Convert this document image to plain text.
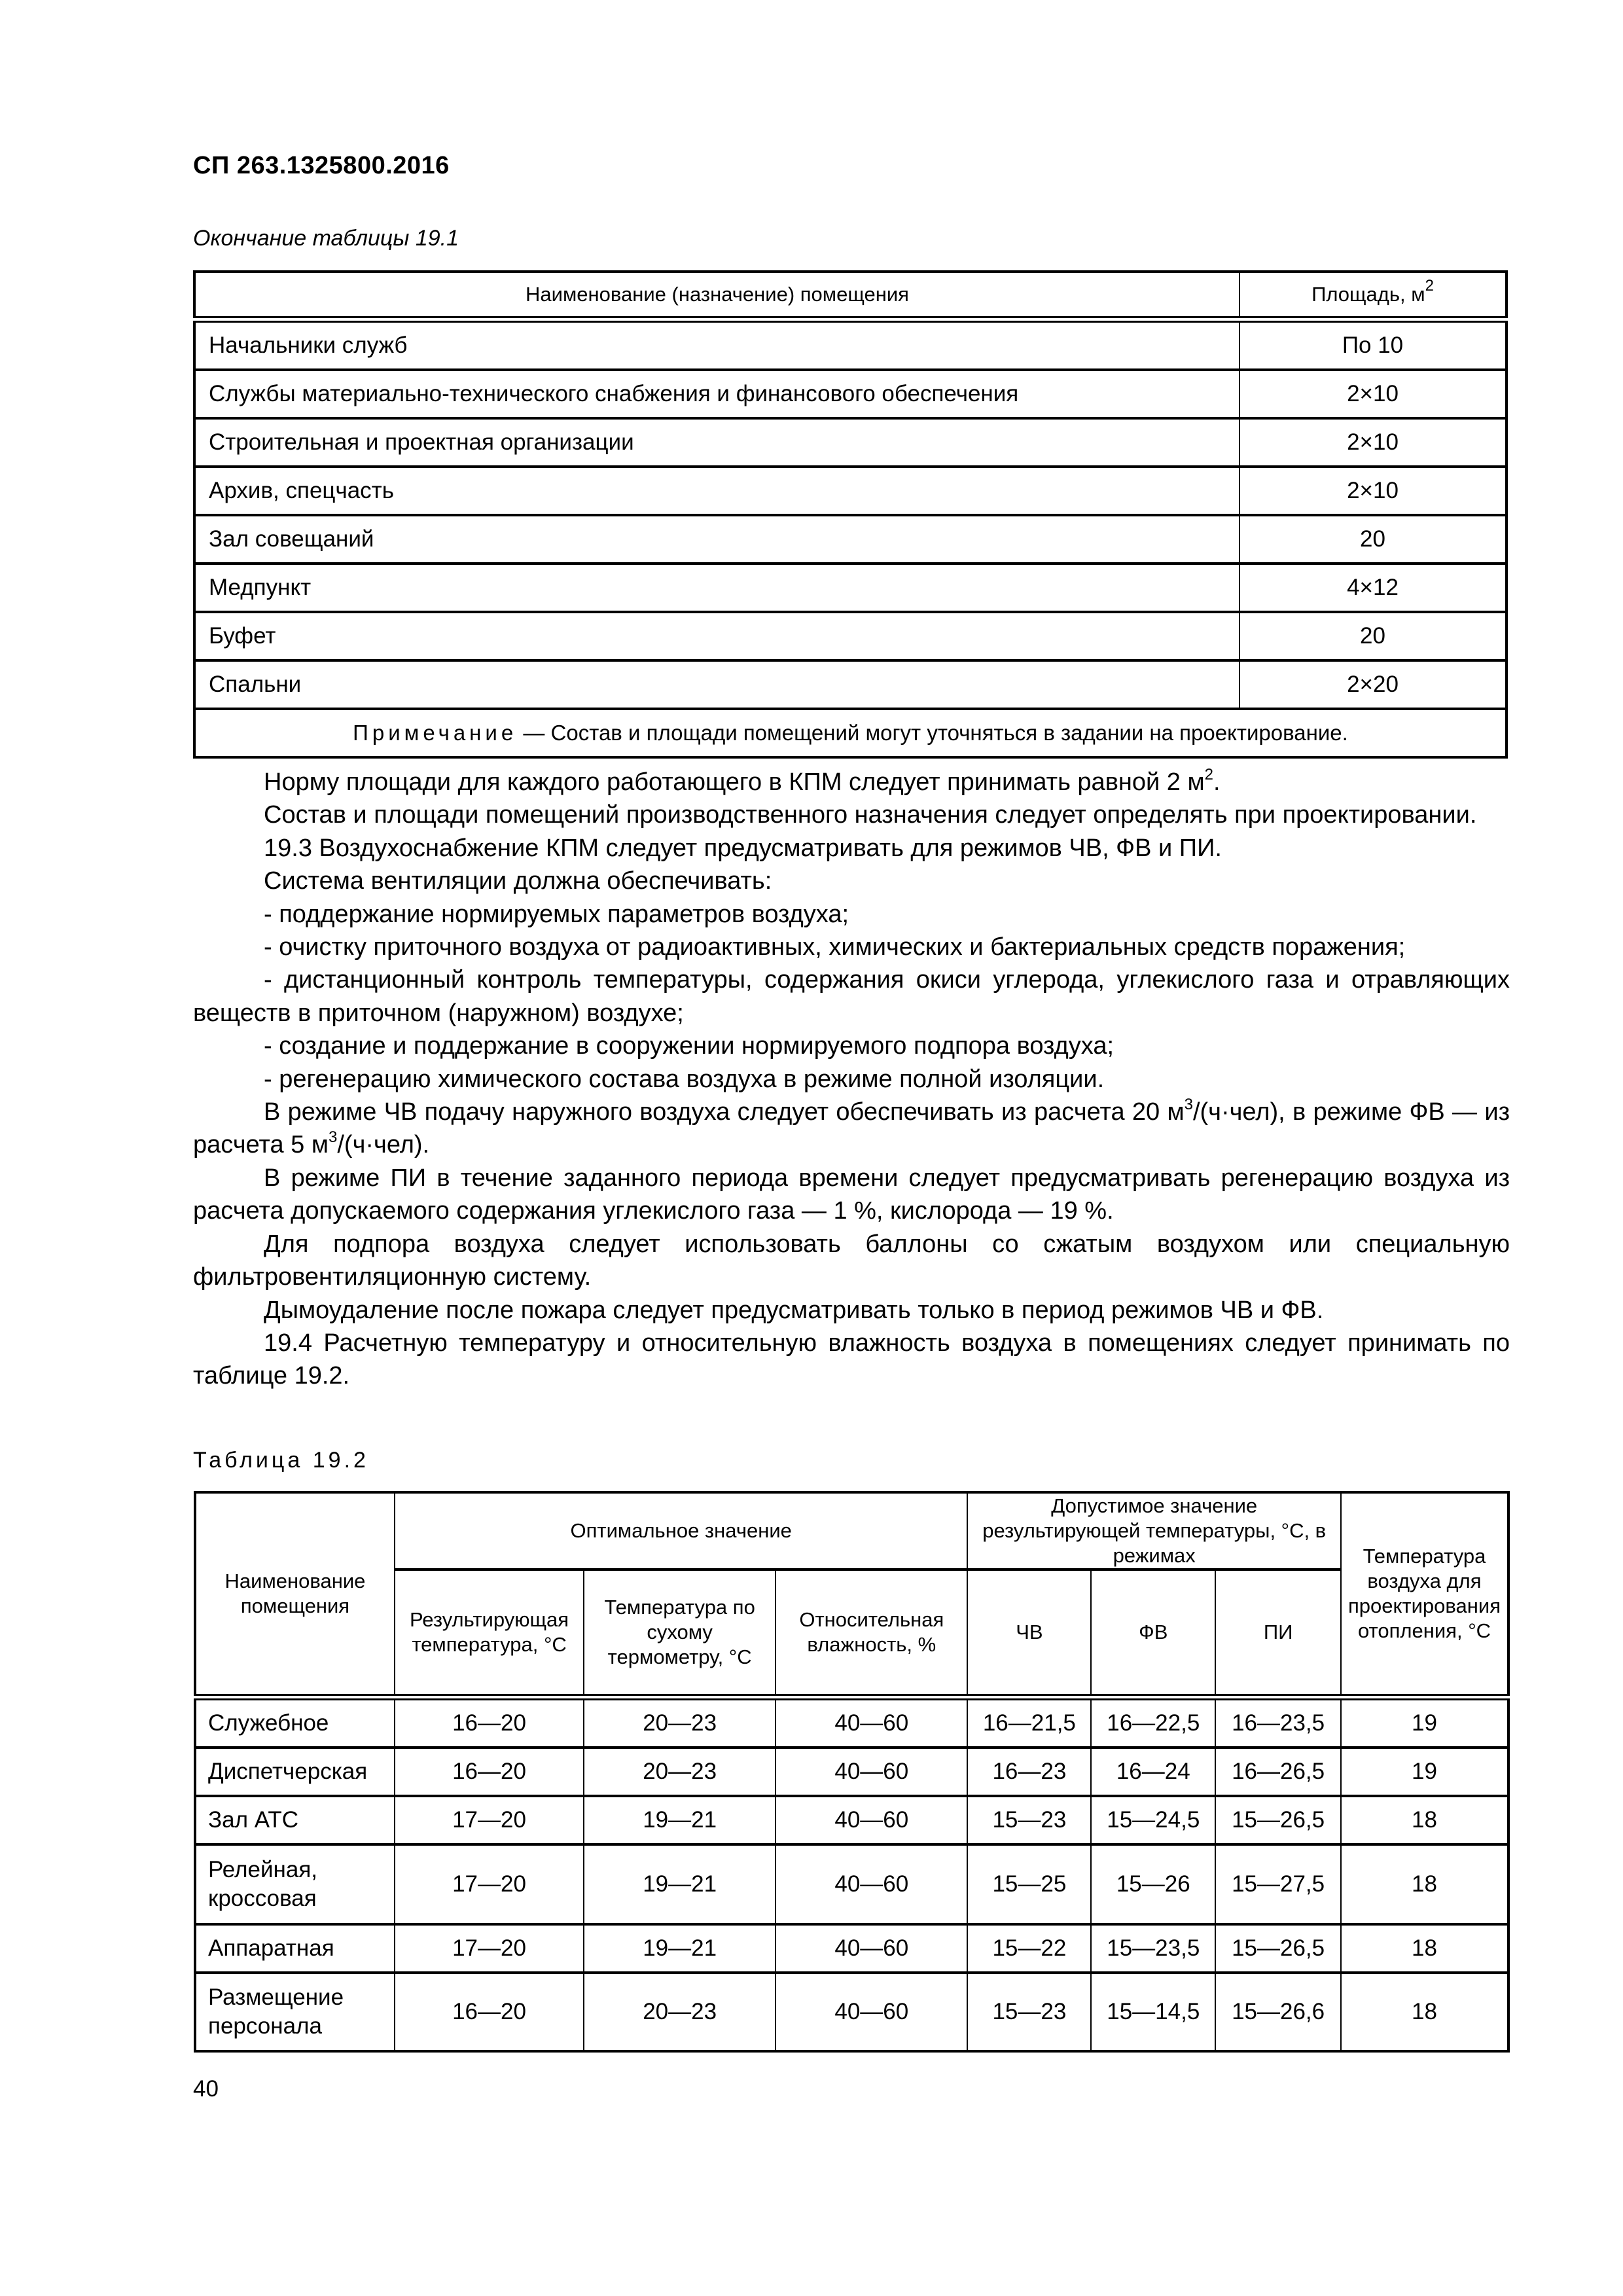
СП 263.1325800.2016
Окончание таблицы 19.1
Наименование (назначение) помещения	Площадь, $м^2$
Начальники служб	По 10
Службы материально-технического снабжения и финансового обеспечения	2×10
Строительная и проектная организации	2×10
Архив, спецчасть	2×10
Зал совещаний	20
Медпункт	4×12
Буфет	20
Спальни	2×20
Примечание — Состав и площади помещений могут уточняться в задании на проектирование.	

Норму площади для каждого работающего в КПМ следует принимать равной 2 $м^2$.

Состав и площади помещений производственного назначения следует определять при проектировании.

19.3 Воздухоснабжение КПМ следует предусматривать для режимов ЧВ, ФВ и ПИ.

Система вентиляции должна обеспечивать:

- поддержание нормируемых параметров воздуха;

- очистку приточного воздуха от радиоактивных, химических и бактериальных средств поражения;

- дистанционный контроль температуры, содержания окиси углерода, углекислого газа и отравляющих веществ в приточном (наружном) воздухе;

- создание и поддержание в сооружении нормируемого подпора воздуха;

- регенерацию химического состава воздуха в режиме полной изоляции.

В режиме ЧВ подачу наружного воздуха следует обеспечивать из расчета 20 $м^3/(ч\cdot чел)$, в режиме ФВ — из расчета 5 $м^3/(ч\cdot чел)$.

В режиме ПИ в течение заданного периода времени следует предусматривать регенерацию воздуха из расчета допускаемого содержания углекислого газа — 1 %, кислорода — 19 %.

Для подпора воздуха следует использовать баллоны со сжатым воздухом или специальную фильтровентиляционную систему.

Дымоудаление после пожара следует предусматривать только в период режимов ЧВ и ФВ.

19.4 Расчетную температуру и относительную влажность воздуха в помещениях следует принимать по таблице 19.2.

Таблица 19.2
Наименование помещения	Оптимальное значение			Допустимое значение результирующей температуры, °С, в режимах			Температура воздуха для проектирования отопления, °С
	Результирующая температура, °С	Температура по сухому термометру, °С	Относительная влажность, %	ЧВ	ФВ	ПИ	
Служебное	16—20	20—23	40—60	16—21,5	16—22,5	16—23,5	19
Диспетчерская	16—20	20—23	40—60	16—23	16—24	16—26,5	19
Зал АТС	17—20	19—21	40—60	15—23	15—24,5	15—26,5	18
Релейная, кроссовая	17—20	19—21	40—60	15—25	15—26	15—27,5	18
Аппаратная	17—20	19—21	40—60	15—22	15—23,5	15—26,5	18
Размещение персонала	16—20	20—23	40—60	15—23	15—14,5	15—26,6	18
40
